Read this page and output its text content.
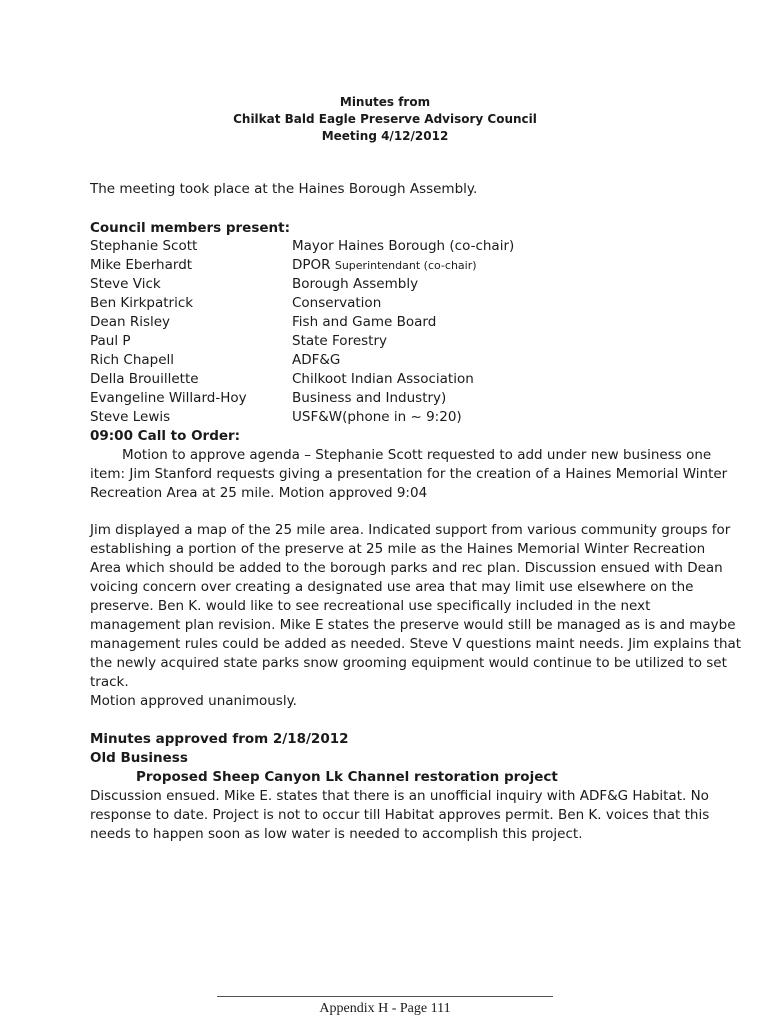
Minutes from
Chilkat Bald Eagle Preserve Advisory Council
Meeting 4/12/2012
The meeting took place at the Haines Borough Assembly.
Council members present:
Stephanie Scott	Mayor Haines Borough (co-chair)
Mike Eberhardt	DPOR Superintendant (co-chair)
Steve Vick	Borough Assembly
Ben Kirkpatrick	Conservation
Dean Risley	Fish and Game Board
Paul P	State Forestry
Rich Chapell	ADF&G
Della Brouillette	Chilkoot Indian Association
Evangeline Willard-Hoy	Business and Industry)
Steve Lewis	USF&W(phone in ~ 9:20)
09:00 Call to Order:
Motion to approve agenda – Stephanie Scott requested to add under new business one
item: Jim Stanford requests giving a presentation for the creation of a Haines Memorial Winter
Recreation Area at 25 mile. Motion approved 9:04
Jim displayed a map of the 25 mile area. Indicated support from various community groups for
establishing a portion of the preserve at 25 mile as the Haines Memorial Winter Recreation
Area which should be added to the borough parks and rec plan. Discussion ensued with Dean
voicing concern over creating a designated use area that may limit use elsewhere on the
preserve. Ben K. would like to see recreational use specifically included in the next
management plan revision. Mike E states the preserve would still be managed as is and maybe
management rules could be added as needed. Steve V questions maint needs. Jim explains that
the newly acquired state parks snow grooming equipment would continue to be utilized to set
track.
Motion approved unanimously.
Minutes approved from 2/18/2012
Old Business
Proposed Sheep Canyon Lk Channel restoration project
Discussion ensued. Mike E. states that there is an unofficial inquiry with ADF&G Habitat. No
response to date. Project is not to occur till Habitat approves permit. Ben K. voices that this
needs to happen soon as low water is needed to accomplish this project.
Appendix H - Page 111
